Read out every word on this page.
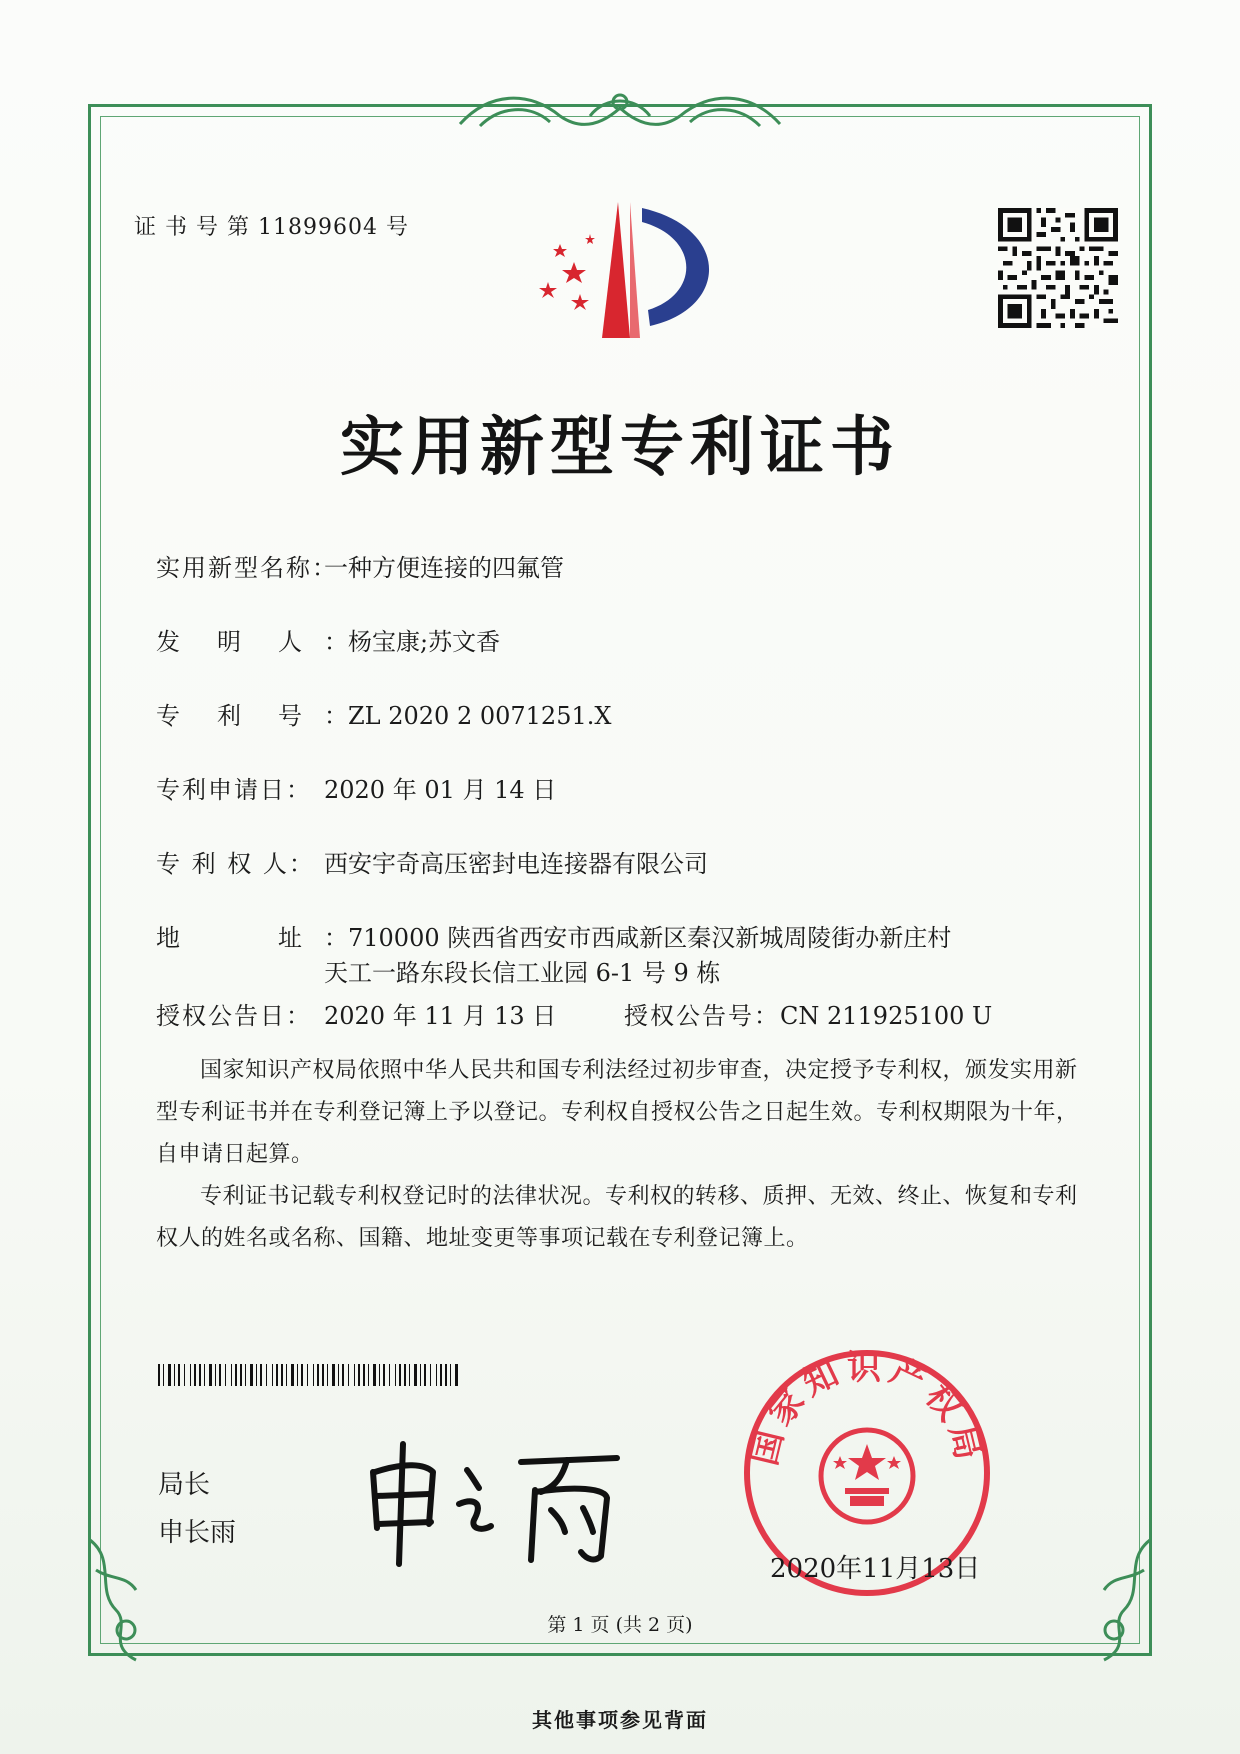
证 书 号 第 11899604 号
实用新型专利证书
实用新型名称：一种方便连接的四氟管
发 明 人 ：杨宝康;苏文香
专 利 号 ：ZL 2020 2 0071251.X
专利申请日： 2020 年 01 月 14 日
专 利 权 人： 西安宇奇高压密封电连接器有限公司
地	址 ：710000 陕西省西安市西咸新区秦汉新城周陵街办新庄村
天工一路东段长信工业园 6-1 号 9 栋
授权公告日： 2020 年 11 月 13 日	授权公告号：CN 211925100 U
国家知识产权局依照中华人民共和国专利法经过初步审查，决定授予专利权，颁发实用新型专利证书并在专利登记簿上予以登记。专利权自授权公告之日起生效。专利权期限为十年，自申请日起算。
专利证书记载专利权登记时的法律状况。专利权的转移、质押、无效、终止、恢复和专利权人的姓名或名称、国籍、地址变更等事项记载在专利登记簿上。
局长
申长雨
国家知识产权局
2020年11月13日
第 1 页 (共 2 页)
其他事项参见背面
